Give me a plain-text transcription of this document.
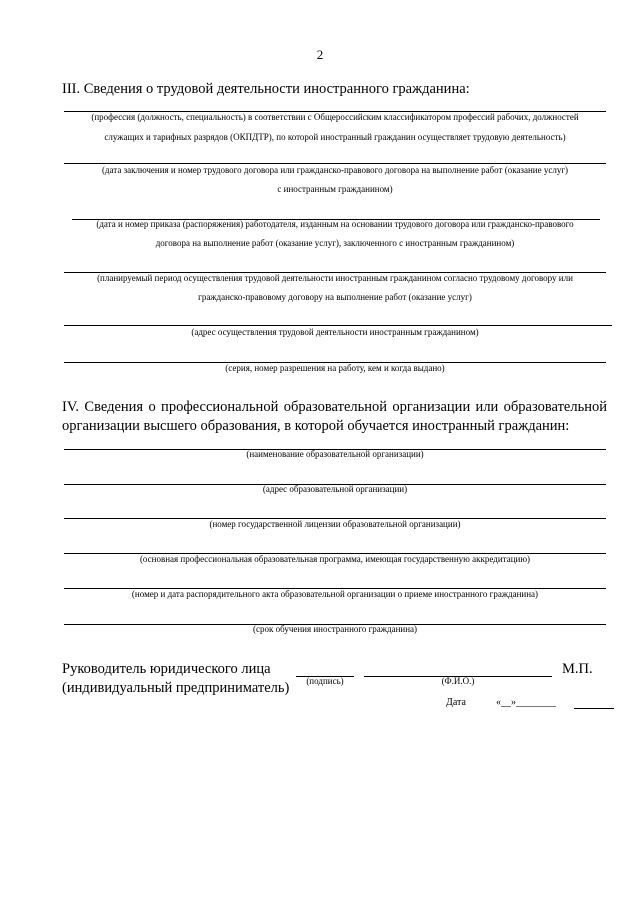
2
III. Сведения о трудовой деятельности иностранного гражданина:
(профессия (должность, специальность) в соответствии с Общероссийским классификатором профессий рабочих, должностей
служащих и тарифных разрядов (ОКПДТР), по которой иностранный гражданин осуществляет трудовую деятельность)
(дата заключения и номер трудового договора или гражданско-правового договора на выполнение работ (оказание услуг)
с иностранным гражданином)
(дата и номер приказа (распоряжения) работодателя, изданным на основании трудового договора или гражданско-правового
договора на выполнение работ (оказание услуг), заключенного с иностранным гражданином)
(планируемый период осуществления трудовой деятельности иностранным гражданином согласно трудовому договору или
гражданско-правовому договору на выполнение работ (оказание услуг)
(адрес осуществления трудовой деятельности иностранным гражданином)
(серия, номер разрешения на работу, кем и когда выдано)
IV. Сведения о профессиональной образовательной организации или образовательной организации высшего образования, в которой обучается иностранный гражданин:
(наименование образовательной организации)
(адрес образовательной организации)
(номер государственной лицензии образовательной организации)
(основная профессиональная образовательная программа, имеющая государственную аккредитацию)
(номер и дата распорядительного акта образовательной организации о приеме иностранного гражданина)
(срок обучения иностранного гражданина)
Руководитель юридического лица
(индивидуальный предприниматель)	(подпись)	(Ф.И.О.)
М.П.
Дата	«__»________
